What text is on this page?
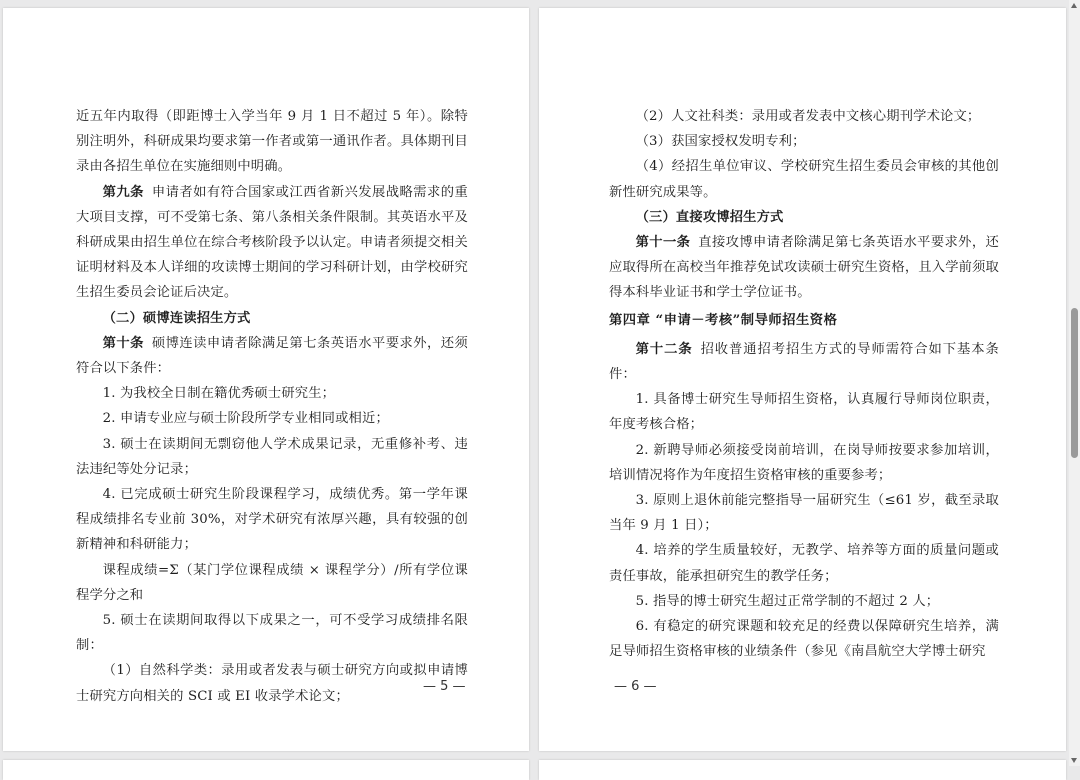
近五年内取得（即距博士入学当年 9 月 1 日不超过 5 年）。除特别注明外，科研成果均要求第一作者或第一通讯作者。具体期刊目录由各招生单位在实施细则中明确。

第九条 申请者如有符合国家或江西省新兴发展战略需求的重大项目支撑，可不受第七条、第八条相关条件限制。其英语水平及科研成果由招生单位在综合考核阶段予以认定。申请者须提交相关证明材料及本人详细的攻读博士期间的学习科研计划，由学校研究生招生委员会论证后决定。

（二）硕博连读招生方式

第十条 硕博连读申请者除满足第七条英语水平要求外，还须符合以下条件：

1. 为我校全日制在籍优秀硕士研究生；

2. 申请专业应与硕士阶段所学专业相同或相近；

3. 硕士在读期间无剽窃他人学术成果记录，无重修补考、违法违纪等处分记录；

4. 已完成硕士研究生阶段课程学习，成绩优秀。第一学年课程成绩排名专业前 30%，对学术研究有浓厚兴趣，具有较强的创新精神和科研能力；

课程成绩=Σ（某门学位课程成绩 × 课程学分）/所有学位课程学分之和

5. 硕士在读期间取得以下成果之一，可不受学习成绩排名限制：

（1）自然科学类：录用或者发表与硕士研究方向或拟申请博士研究方向相关的 SCI 或 EI 收录学术论文；

— 5 —

（2）人文社科类：录用或者发表中文核心期刊学术论文；

（3）获国家授权发明专利；

（4）经招生单位审议、学校研究生招生委员会审核的其他创新性研究成果等。

（三）直接攻博招生方式

第十一条 直接攻博申请者除满足第七条英语水平要求外，还应取得所在高校当年推荐免试攻读硕士研究生资格，且入学前须取得本科毕业证书和学士学位证书。

第四章 “申请－考核”制导师招生资格

第十二条 招收普通招考招生方式的导师需符合如下基本条件：

1. 具备博士研究生导师招生资格，认真履行导师岗位职责，年度考核合格；

2. 新聘导师必须接受岗前培训，在岗导师按要求参加培训，培训情况将作为年度招生资格审核的重要参考；

3. 原则上退休前能完整指导一届研究生（≤61 岁，截至录取当年 9 月 1 日）；

4. 培养的学生质量较好，无教学、培养等方面的质量问题或责任事故，能承担研究生的教学任务；

5. 指导的博士研究生超过正常学制的不超过 2 人；

6. 有稳定的研究课题和较充足的经费以保障研究生培养，满足导师招生资格审核的业绩条件（参见《南昌航空大学博士研究

— 6 —
